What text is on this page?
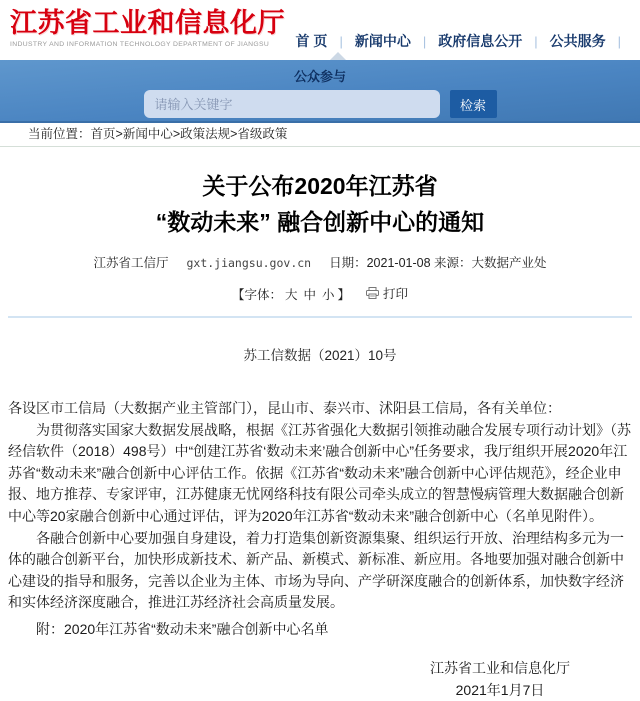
江苏省工业和信息化厅
INDUSTRY AND INFORMATION TECHNOLOGY DEPARTMENT OF JIANGSU	首 页 | 新闻中心 | 政府信息公开 | 公共服务 |
公众参与
请输入关键字
检索
当前位置：首页>新闻中心>政策法规>省级政策
关于公布2020年江苏省
“数动未来” 融合创新中心的通知
江苏省工信厅 gxt.jiangsu.gov.cn 日期：2021-01-08 来源：大数据产业处
【字体： 大 中 小 】	打印
苏工信数据（2021）10号

各设区市工信局（大数据产业主管部门），昆山市、泰兴市、沭阳县工信局，各有关单位：

为贯彻落实国家大数据发展战略，根据《江苏省强化大数据引领推动融合发展专项行动计划》（苏经信软件（2018）498号）中“创建江苏省‘数动未来’融合创新中心”任务要求，我厅组织开展2020年江苏省“数动未来”融合创新中心评估工作。依据《江苏省“数动未来”融合创新中心评估规范》，经企业申报、地方推荐、专家评审，江苏健康无忧网络科技有限公司牵头成立的智慧慢病管理大数据融合创新中心等20家融合创新中心通过评估，评为2020年江苏省“数动未来”融合创新中心（名单见附件）。

各融合创新中心要加强自身建设，着力打造集创新资源集聚、组织运行开放、治理结构多元为一体的融合创新平台，加快形成新技术、新产品、新模式、新标准、新应用。各地要加强对融合创新中心建设的指导和服务，完善以企业为主体、市场为导向、产学研深度融合的创新体系，加快数字经济和实体经济深度融合，推进江苏经济社会高质量发展。

附：2020年江苏省“数动未来”融合创新中心名单
江苏省工业和信息化厅
2021年1月7日
